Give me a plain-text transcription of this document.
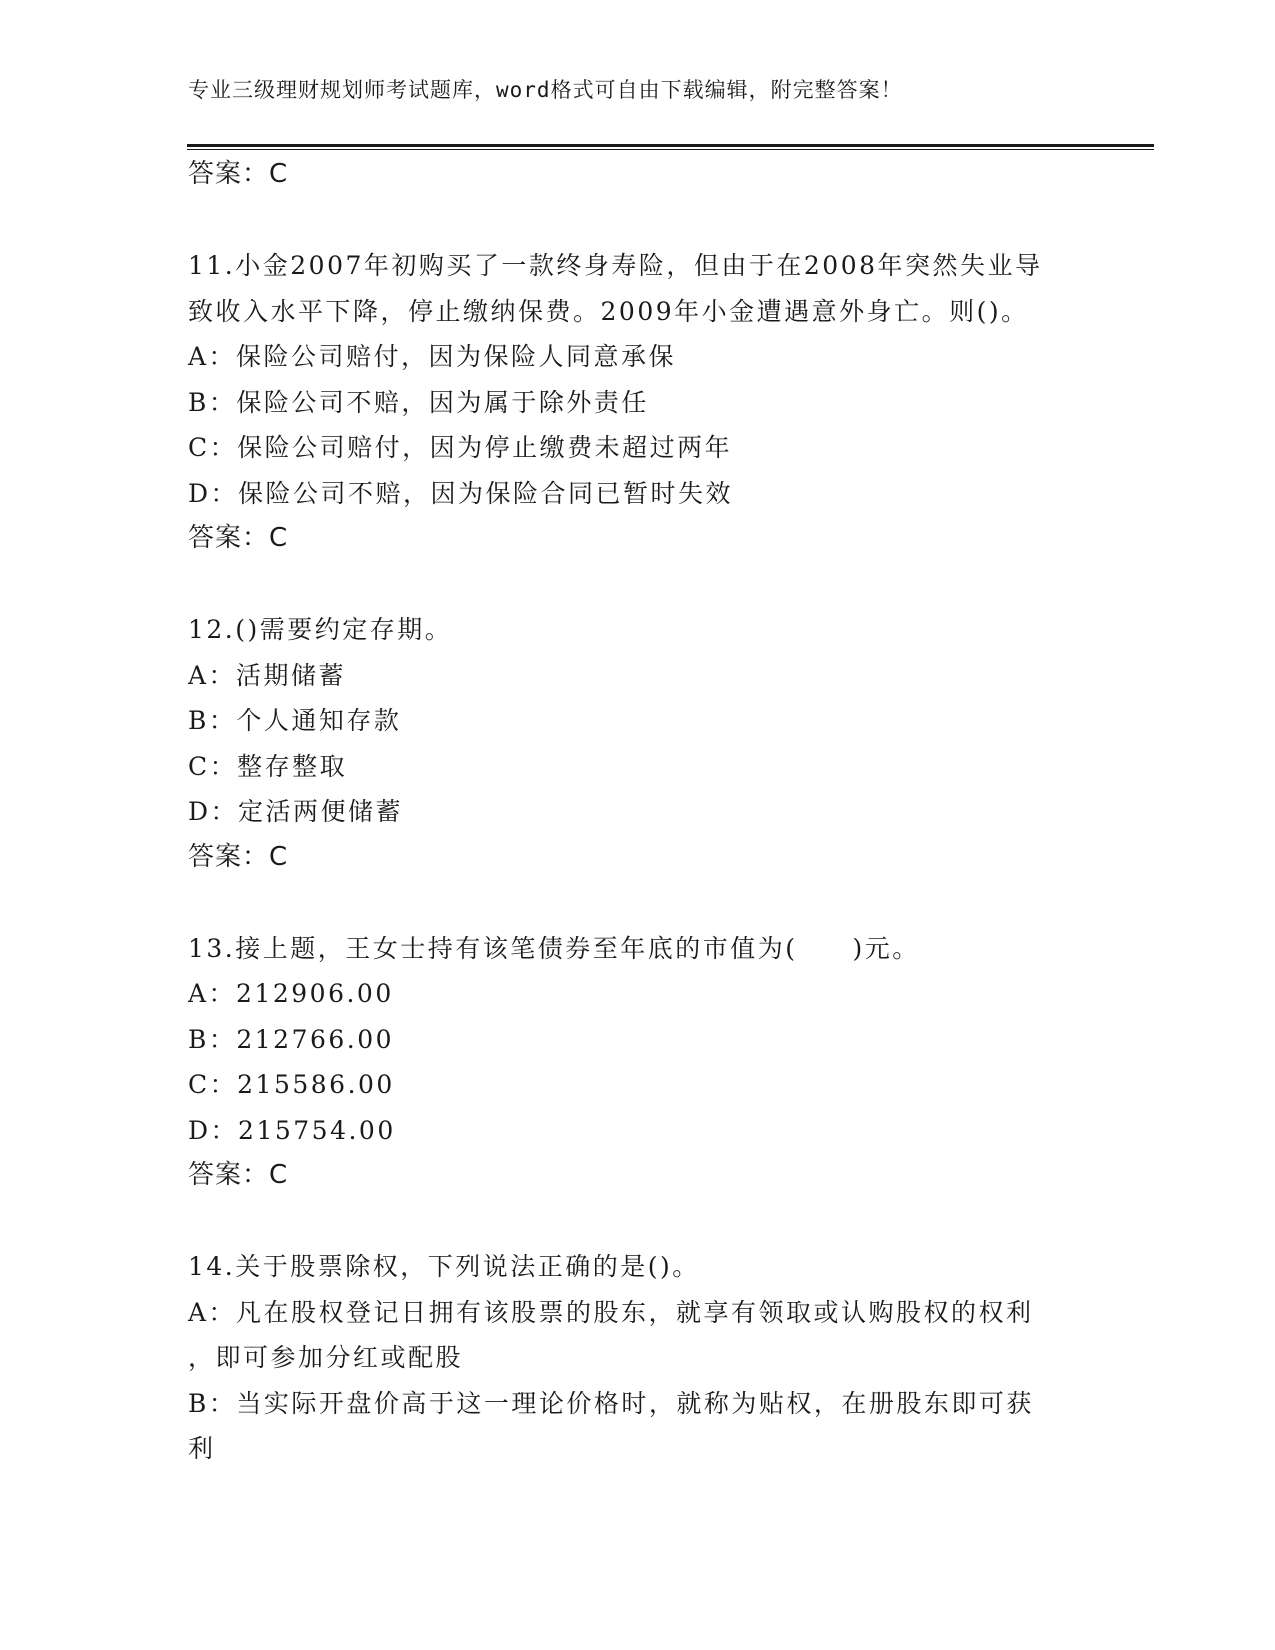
专业三级理财规划师考试题库，word格式可自由下载编辑，附完整答案！
答案：C
11.小金2007年初购买了一款终身寿险，但由于在2008年突然失业导
致收入水平下降，停止缴纳保费。2009年小金遭遇意外身亡。则()。
A：保险公司赔付，因为保险人同意承保
B：保险公司不赔，因为属于除外责任
C：保险公司赔付，因为停止缴费未超过两年
D：保险公司不赔，因为保险合同已暂时失效
答案：C
12.()需要约定存期。
A：活期储蓄
B：个人通知存款
C：整存整取
D：定活两便储蓄
答案：C
13.接上题，王女士持有该笔债券至年底的市值为(　　)元。
A：212906.00
B：212766.00
C：215586.00
D：215754.00
答案：C
14.关于股票除权，下列说法正确的是()。
A：凡在股权登记日拥有该股票的股东，就享有领取或认购股权的权利
，即可参加分红或配股
B：当实际开盘价高于这一理论价格时，就称为贴权，在册股东即可获
利
